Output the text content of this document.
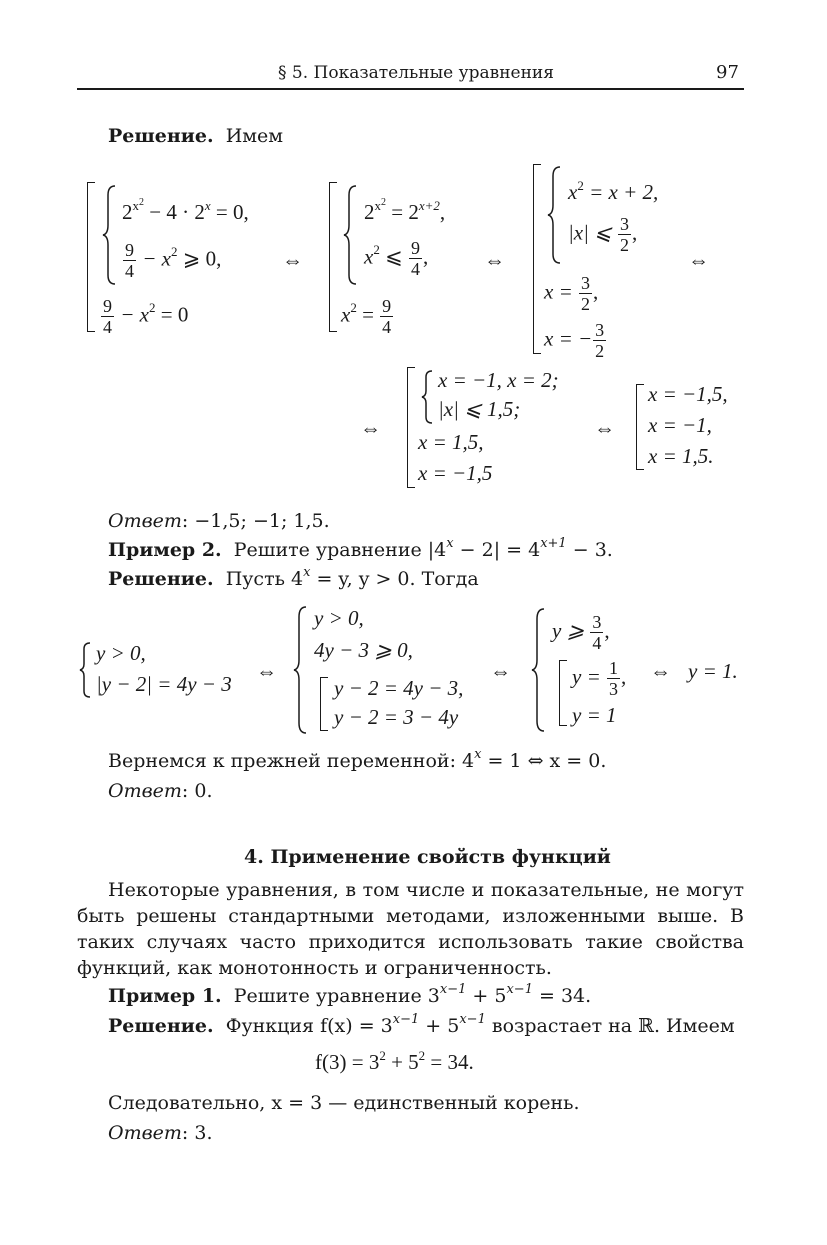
§ 5. Показательные уравнения	97
Решение. Имем
$2^{x^2} - 4 \cdot 2^x = 0$,
$\frac{9}{4} - x^2$ ⩾ 0,
$\frac{9}{4} - x^2 = 0$
⇔
$2^{x^2} = 2^{x+2}$,
$x^2$ ⩽ $\frac{9}{4}$ ,
$x^2 = \frac{9}{4}$
⇔
$x^2 = x + 2$,
|x| ⩽ $\frac{3}{2}$ ,
$x = \frac{3}{2}$ ,
x = − $\frac{3}{2}$
⇔
⇔
x = −1, x = 2;
|x| ⩽ 1,5;
x = 1,5,
x = −1,5
⇔
x = −1,5,
x = −1,
x = 1,5.
Ответ: −1,5; −1; 1,5.
Пример 2. Решите уравнение $|4^x - 2| = 4^{x+1} - 3$.
Решение. Пусть $4^x = y$, y > 0. Тогда
y > 0,
|y − 2| = 4y − 3
⇔
y > 0,
4y − 3 ⩾ 0,
y − 2 = 4y − 3,
y − 2 = 3 − 4y
⇔
y ⩾ $\frac{3}{4}$ ,
$y = \frac{1}{3}$ ,
y = 1
⇔ y = 1.
Вернемся к прежней переменной: $4^x = 1$ ⇔ x = 0.
Ответ: 0.
4. Применение свойств функций
Некоторые уравнения, в том числе и показательные, не могут быть решены стандартными методами, изложенными выше. В таких случаях часто приходится использовать такие свойства функций, как монотонность и ограниченность.
Пример 1. Решите уравнение $3^{x-1} + 5^{x-1} = 34$.
Решение. Функция $f(x) = 3^{x-1} + 5^{x-1}$ возрастает на ℝ. Имеем
$f(3) = 3^2 + 5^2 = 34$.
Следовательно, x = 3 — единственный корень.
Ответ: 3.
